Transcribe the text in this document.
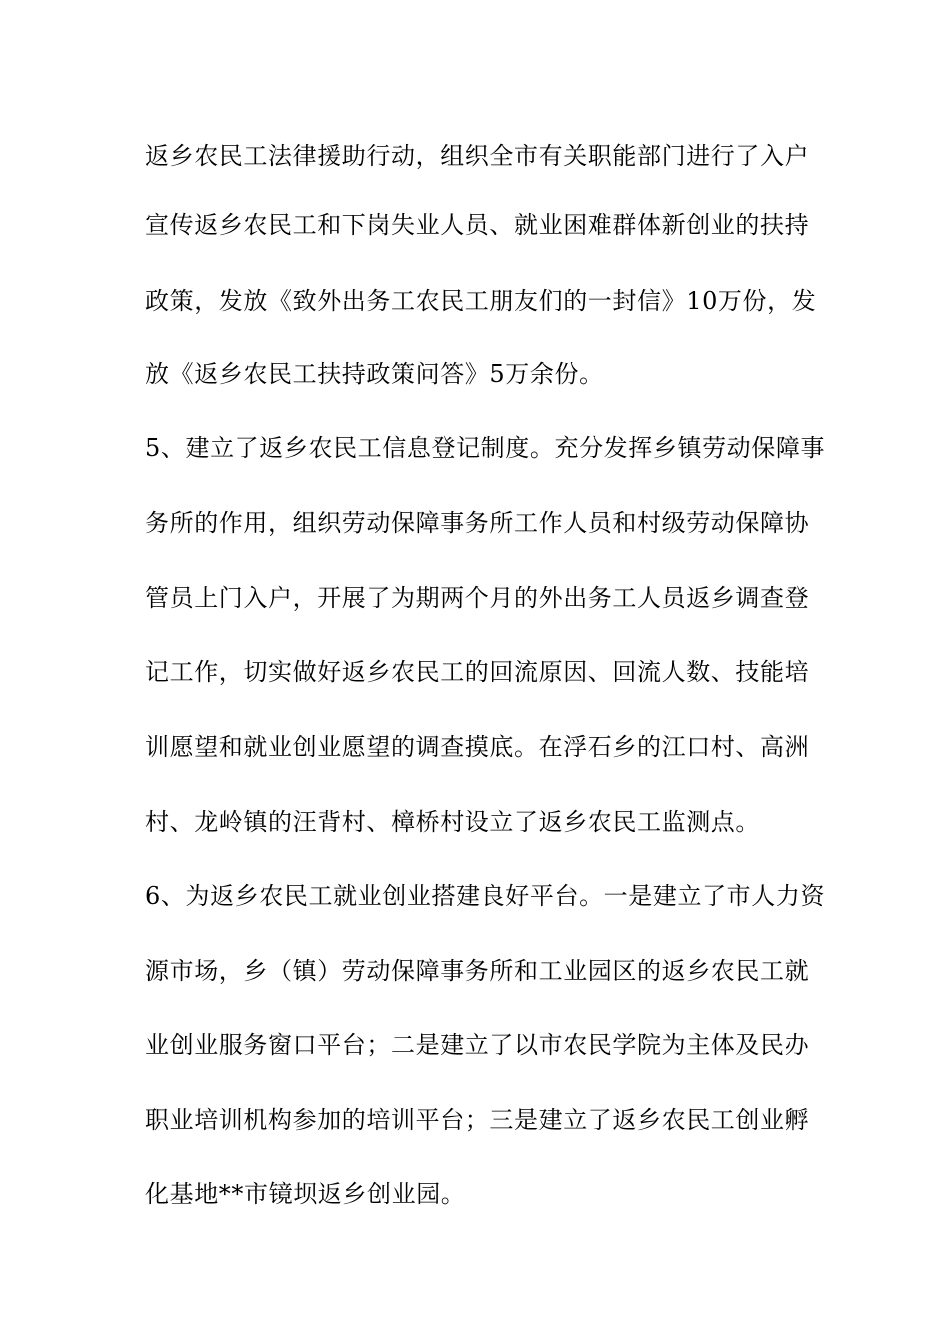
返乡农民工法律援助行动，组织全市有关职能部门进行了入户
宣传返乡农民工和下岗失业人员、就业困难群体新创业的扶持
政策，发放《致外出务工农民工朋友们的一封信》10万份，发
放《返乡农民工扶持政策问答》5万余份。
5、建立了返乡农民工信息登记制度。充分发挥乡镇劳动保障事
务所的作用，组织劳动保障事务所工作人员和村级劳动保障协
管员上门入户，开展了为期两个月的外出务工人员返乡调查登
记工作，切实做好返乡农民工的回流原因、回流人数、技能培
训愿望和就业创业愿望的调查摸底。在浮石乡的江口村、高洲
村、龙岭镇的汪背村、樟桥村设立了返乡农民工监测点。
6、为返乡农民工就业创业搭建良好平台。一是建立了市人力资
源市场，乡（镇）劳动保障事务所和工业园区的返乡农民工就
业创业服务窗口平台；二是建立了以市农民学院为主体及民办
职业培训机构参加的培训平台；三是建立了返乡农民工创业孵
化基地**市镜坝返乡创业园。
